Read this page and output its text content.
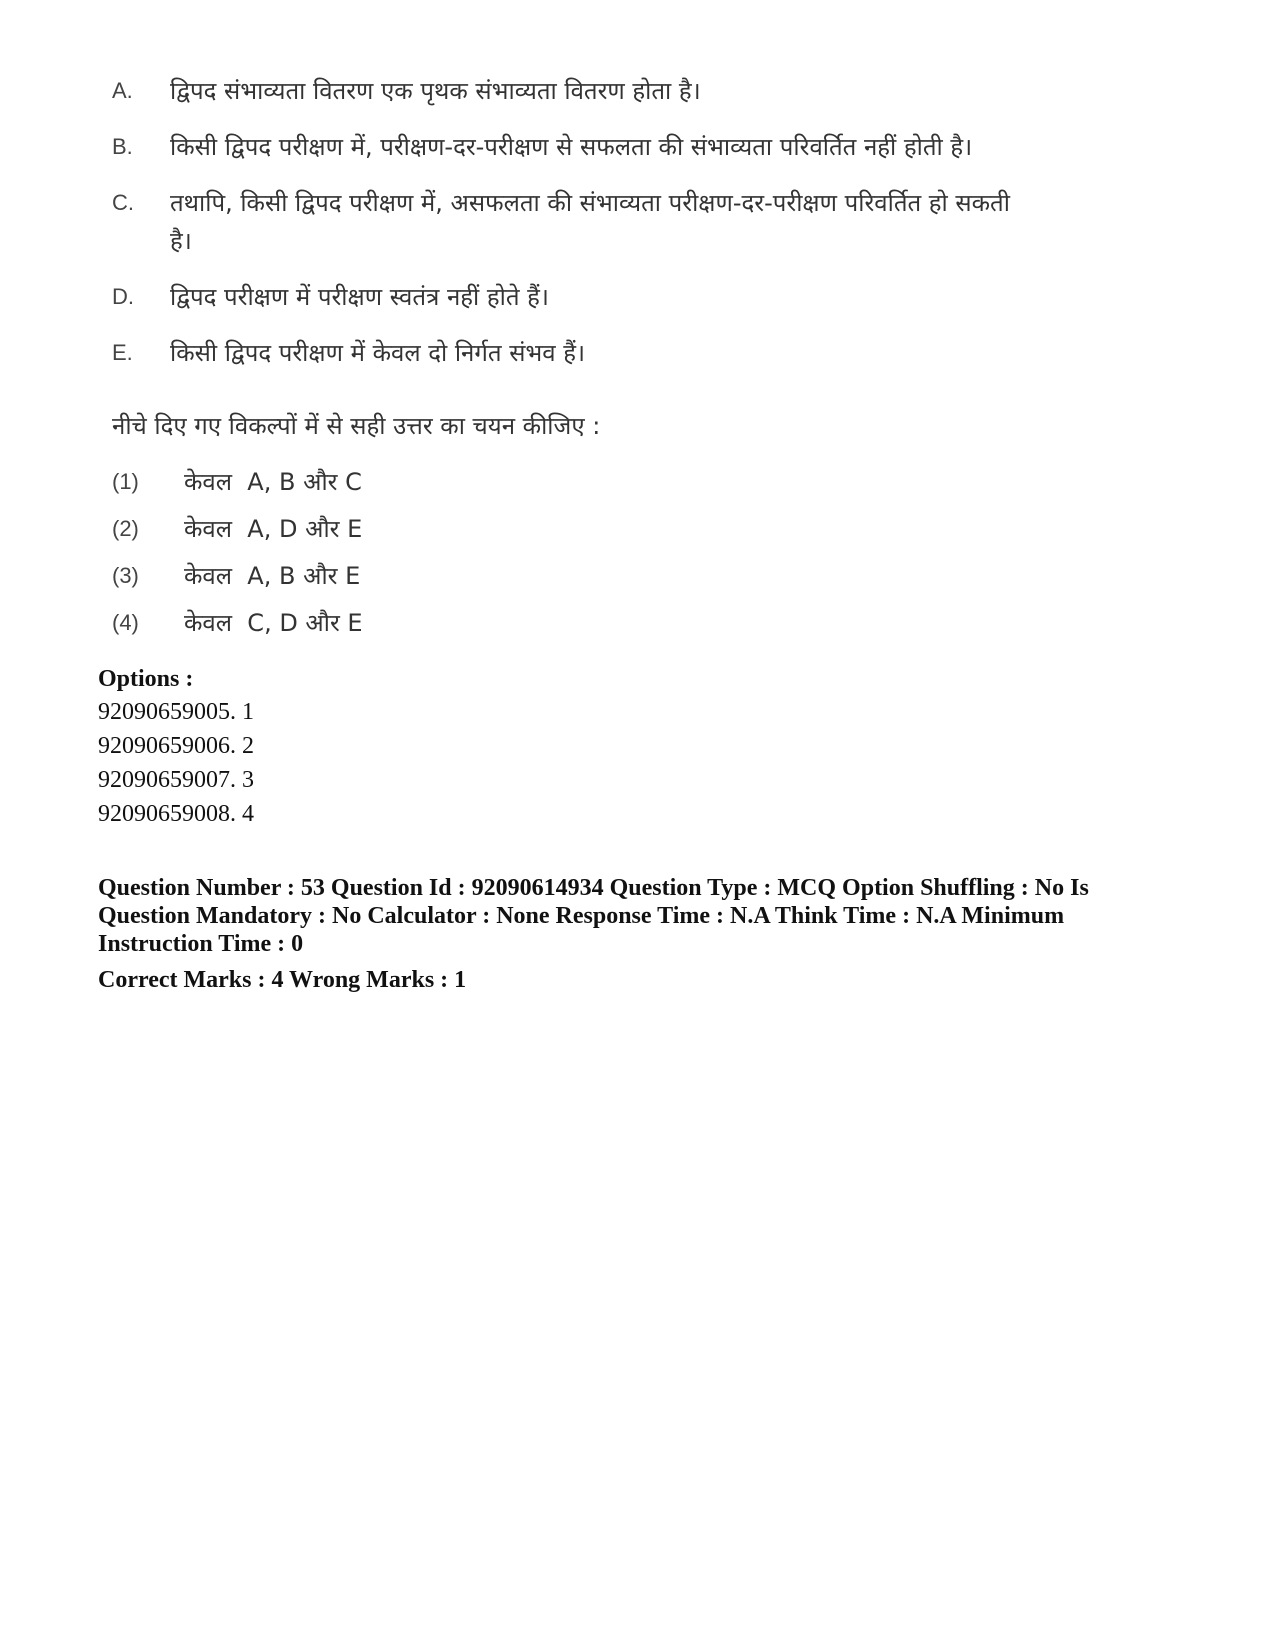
A.	द्विपद संभाव्यता वितरण एक पृथक संभाव्यता वितरण होता है।
B.	किसी द्विपद परीक्षण में, परीक्षण-दर-परीक्षण से सफलता की संभाव्यता परिवर्तित नहीं होती है।
C.	तथापि, किसी द्विपद परीक्षण में, असफलता की संभाव्यता परीक्षण-दर-परीक्षण परिवर्तित हो सकती है।
D.	द्विपद परीक्षण में परीक्षण स्वतंत्र नहीं होते हैं।
E.	किसी द्विपद परीक्षण में केवल दो निर्गत संभव हैं।
नीचे दिए गए विकल्पों में से सही उत्तर का चयन कीजिए :
(1)	केवल  A, B और C
(2)	केवल  A, D और E
(3)	केवल  A, B और E
(4)	केवल  C, D और E
Options :
92090659005. 1
92090659006. 2
92090659007. 3
92090659008. 4
Question Number : 53 Question Id : 92090614934 Question Type : MCQ Option Shuffling : No Is Question Mandatory : No Calculator : None Response Time : N.A Think Time : N.A Minimum Instruction Time : 0
Correct Marks : 4 Wrong Marks : 1
